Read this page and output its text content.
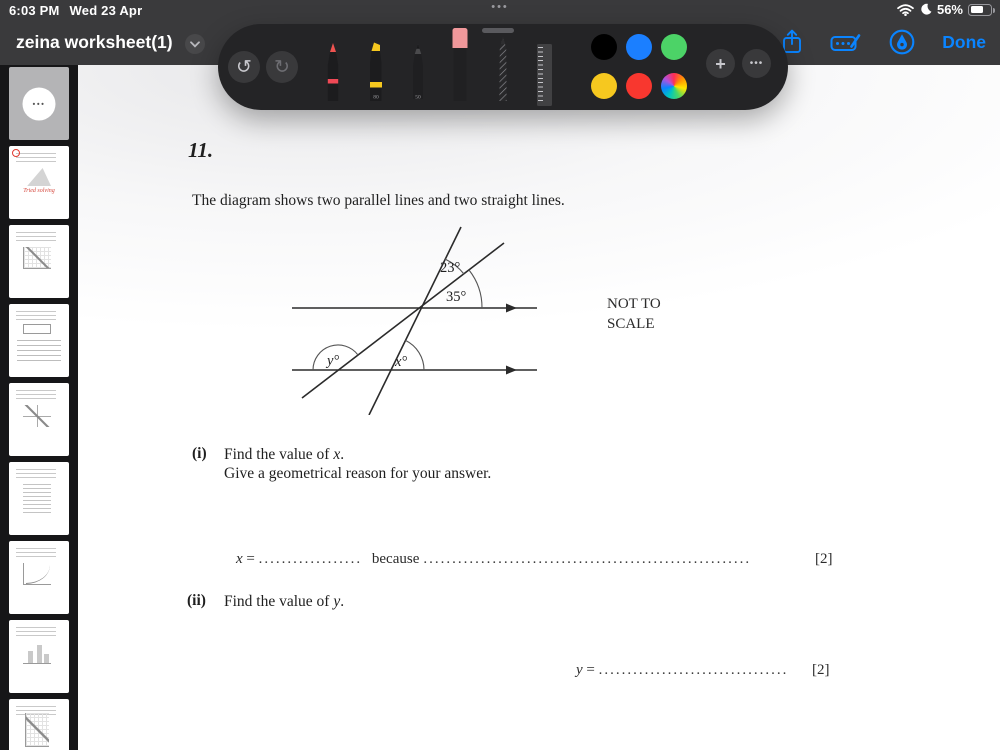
•••
Tried solving
6:03 PM Wed 23 Apr	•••	56%
zeina worksheet(1)	Done
↺	↻
80	50
+	•••
11.
The diagram shows two parallel lines and two straight lines.
23°
35°
y°	x°
NOT TO
SCALE
(i) Find the value of x.
Give a geometrical reason for your answer.
x = .................. because .........................................................	[2]
(ii) Find the value of y.
y = ................................. [2]
